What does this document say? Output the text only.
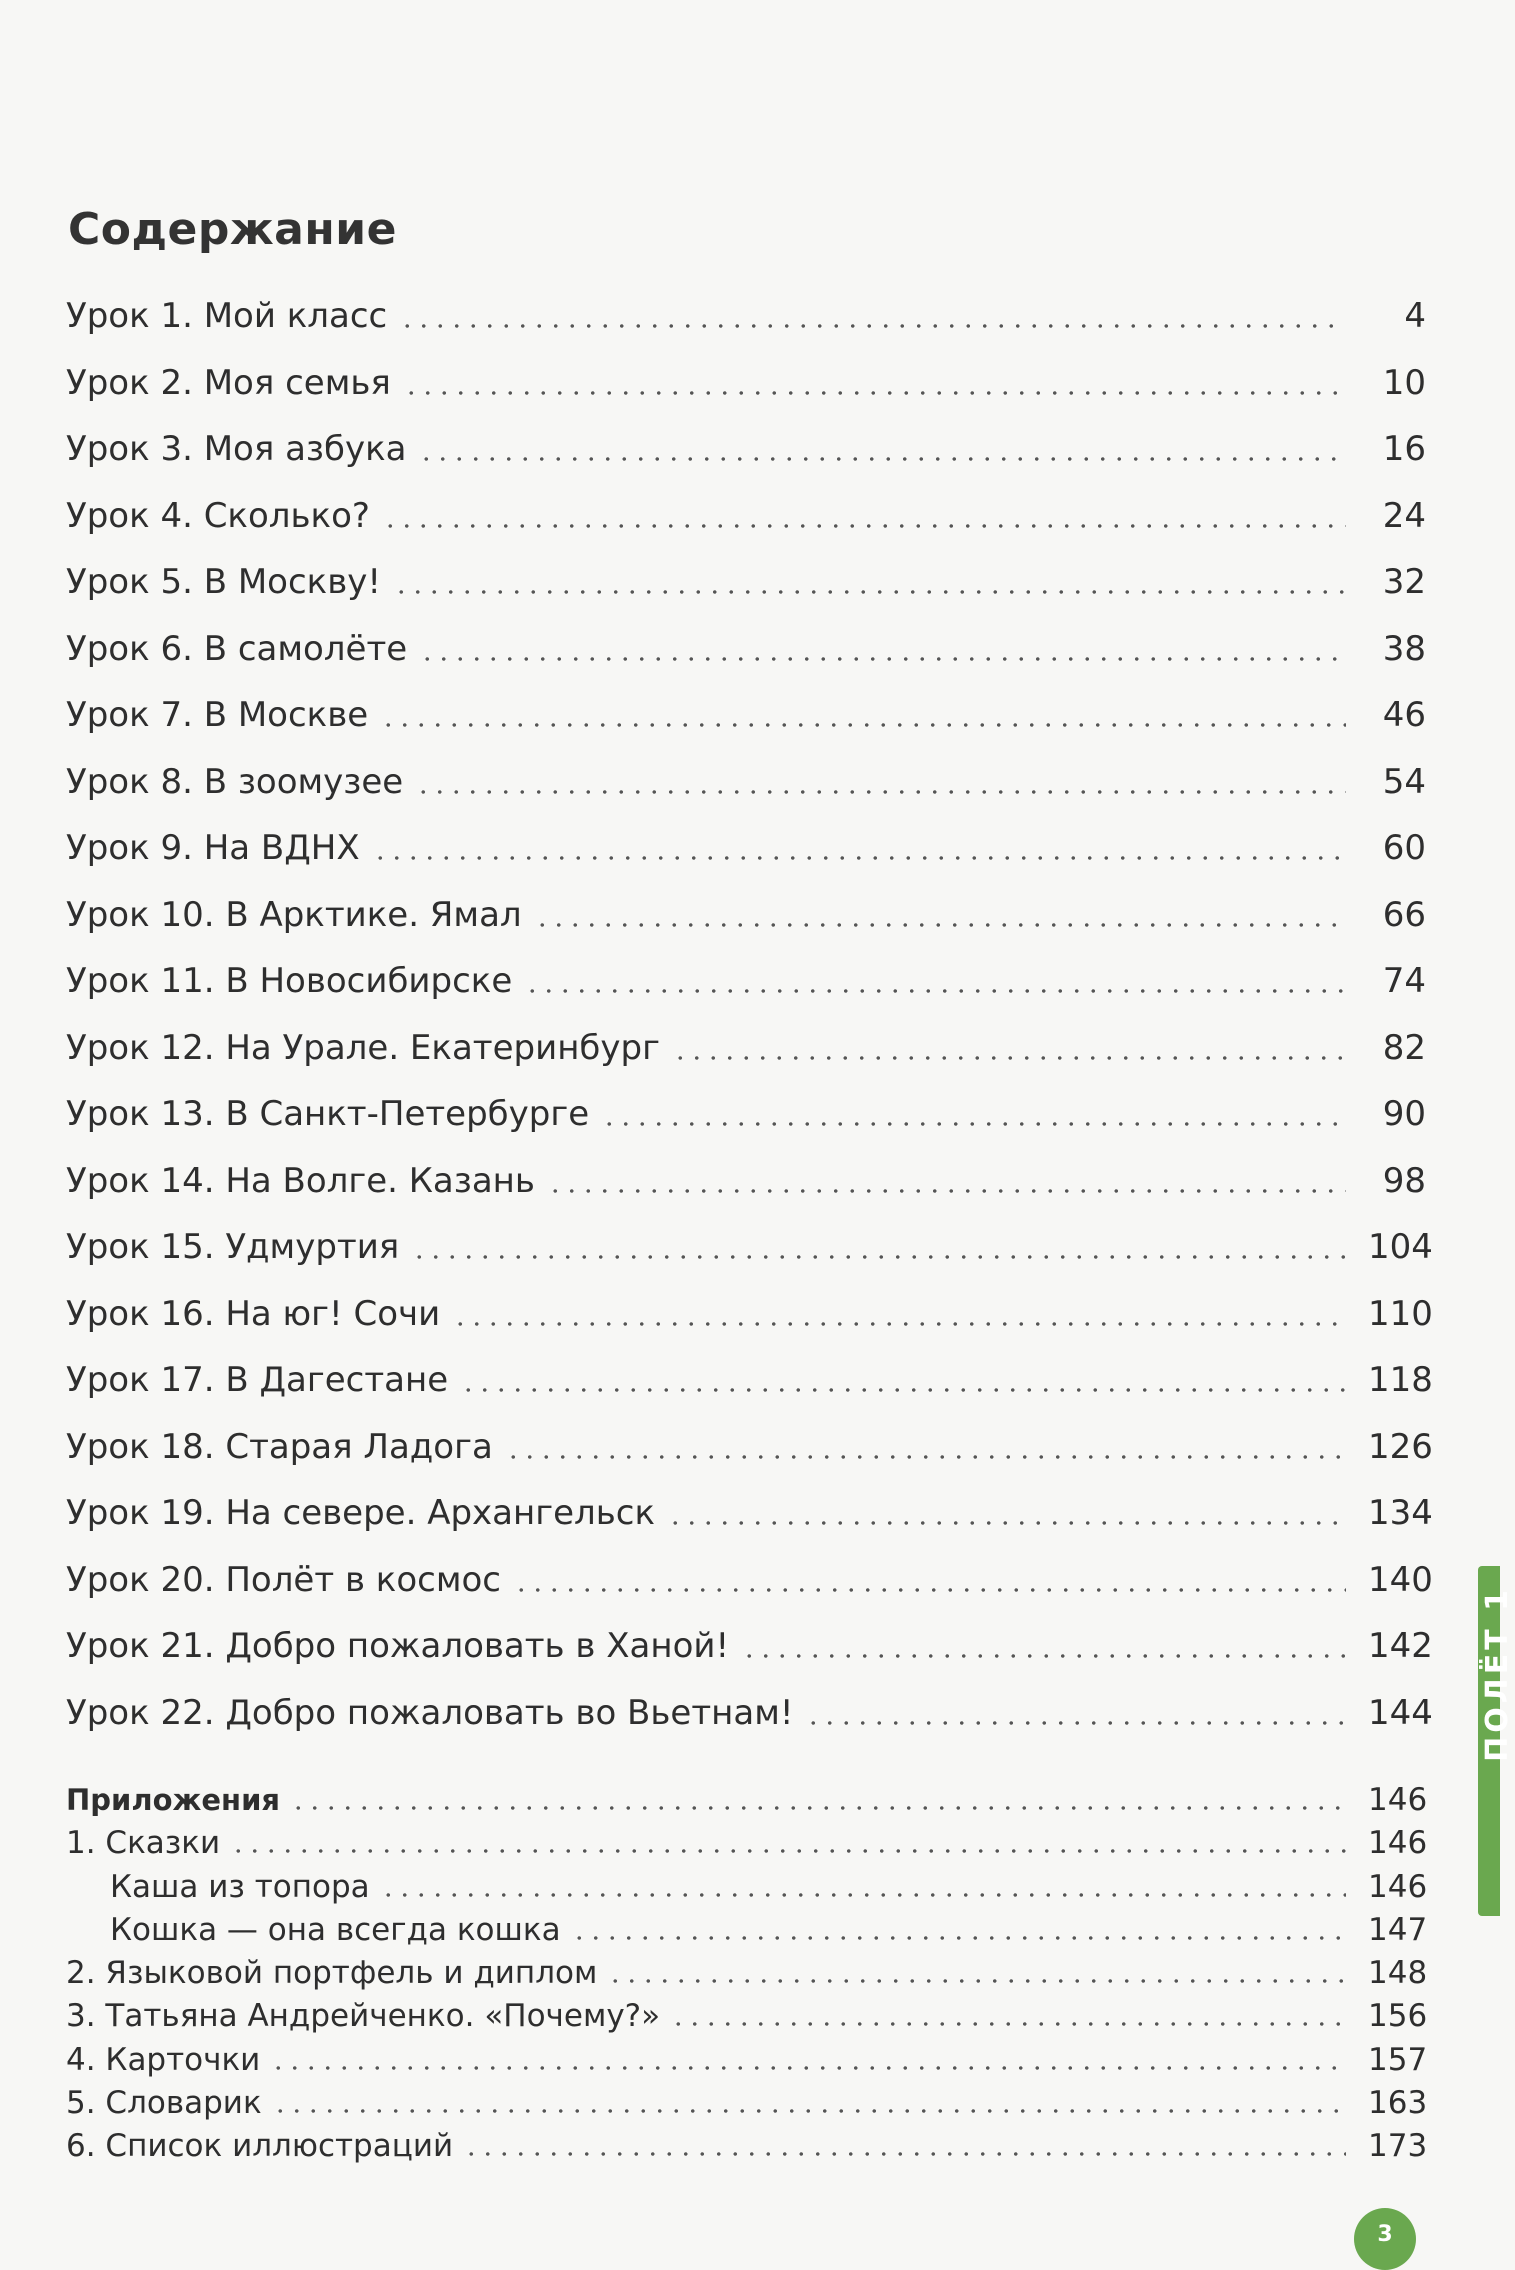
Содержание
Урок 1. Мой класс	4
Урок 2. Моя семья	10
Урок 3. Моя азбука	16
Урок 4. Сколько?	24
Урок 5. В Москву!	32
Урок 6. В самолёте	38
Урок 7. В Москве	46
Урок 8. В зоомузее	54
Урок 9. На ВДНХ	60
Урок 10. В Арктике. Ямал	66
Урок 11. В Новосибирске	74
Урок 12. На Урале. Екатеринбург	82
Урок 13. В Санкт-Петербурге	90
Урок 14. На Волге. Казань	98
Урок 15. Удмуртия	104
Урок 16. На юг! Сочи	110
Урок 17. В Дагестане	118
Урок 18. Старая Ладога	126
Урок 19. На севере. Архангельск	134
Урок 20. Полёт в космос	140
Урок 21. Добро пожаловать в Ханой!	142
Урок 22. Добро пожаловать во Вьетнам!	144
Приложения	146
1. Сказки	146
Каша из топора	146
Кошка — она всегда кошка	147
2. Языковой портфель и диплом	148
3. Татьяна Андрейченко. «Почему?»	156
4. Карточки	157
5. Словарик	163
6. Список иллюстраций	173
ПОЛЁТ 1
3
